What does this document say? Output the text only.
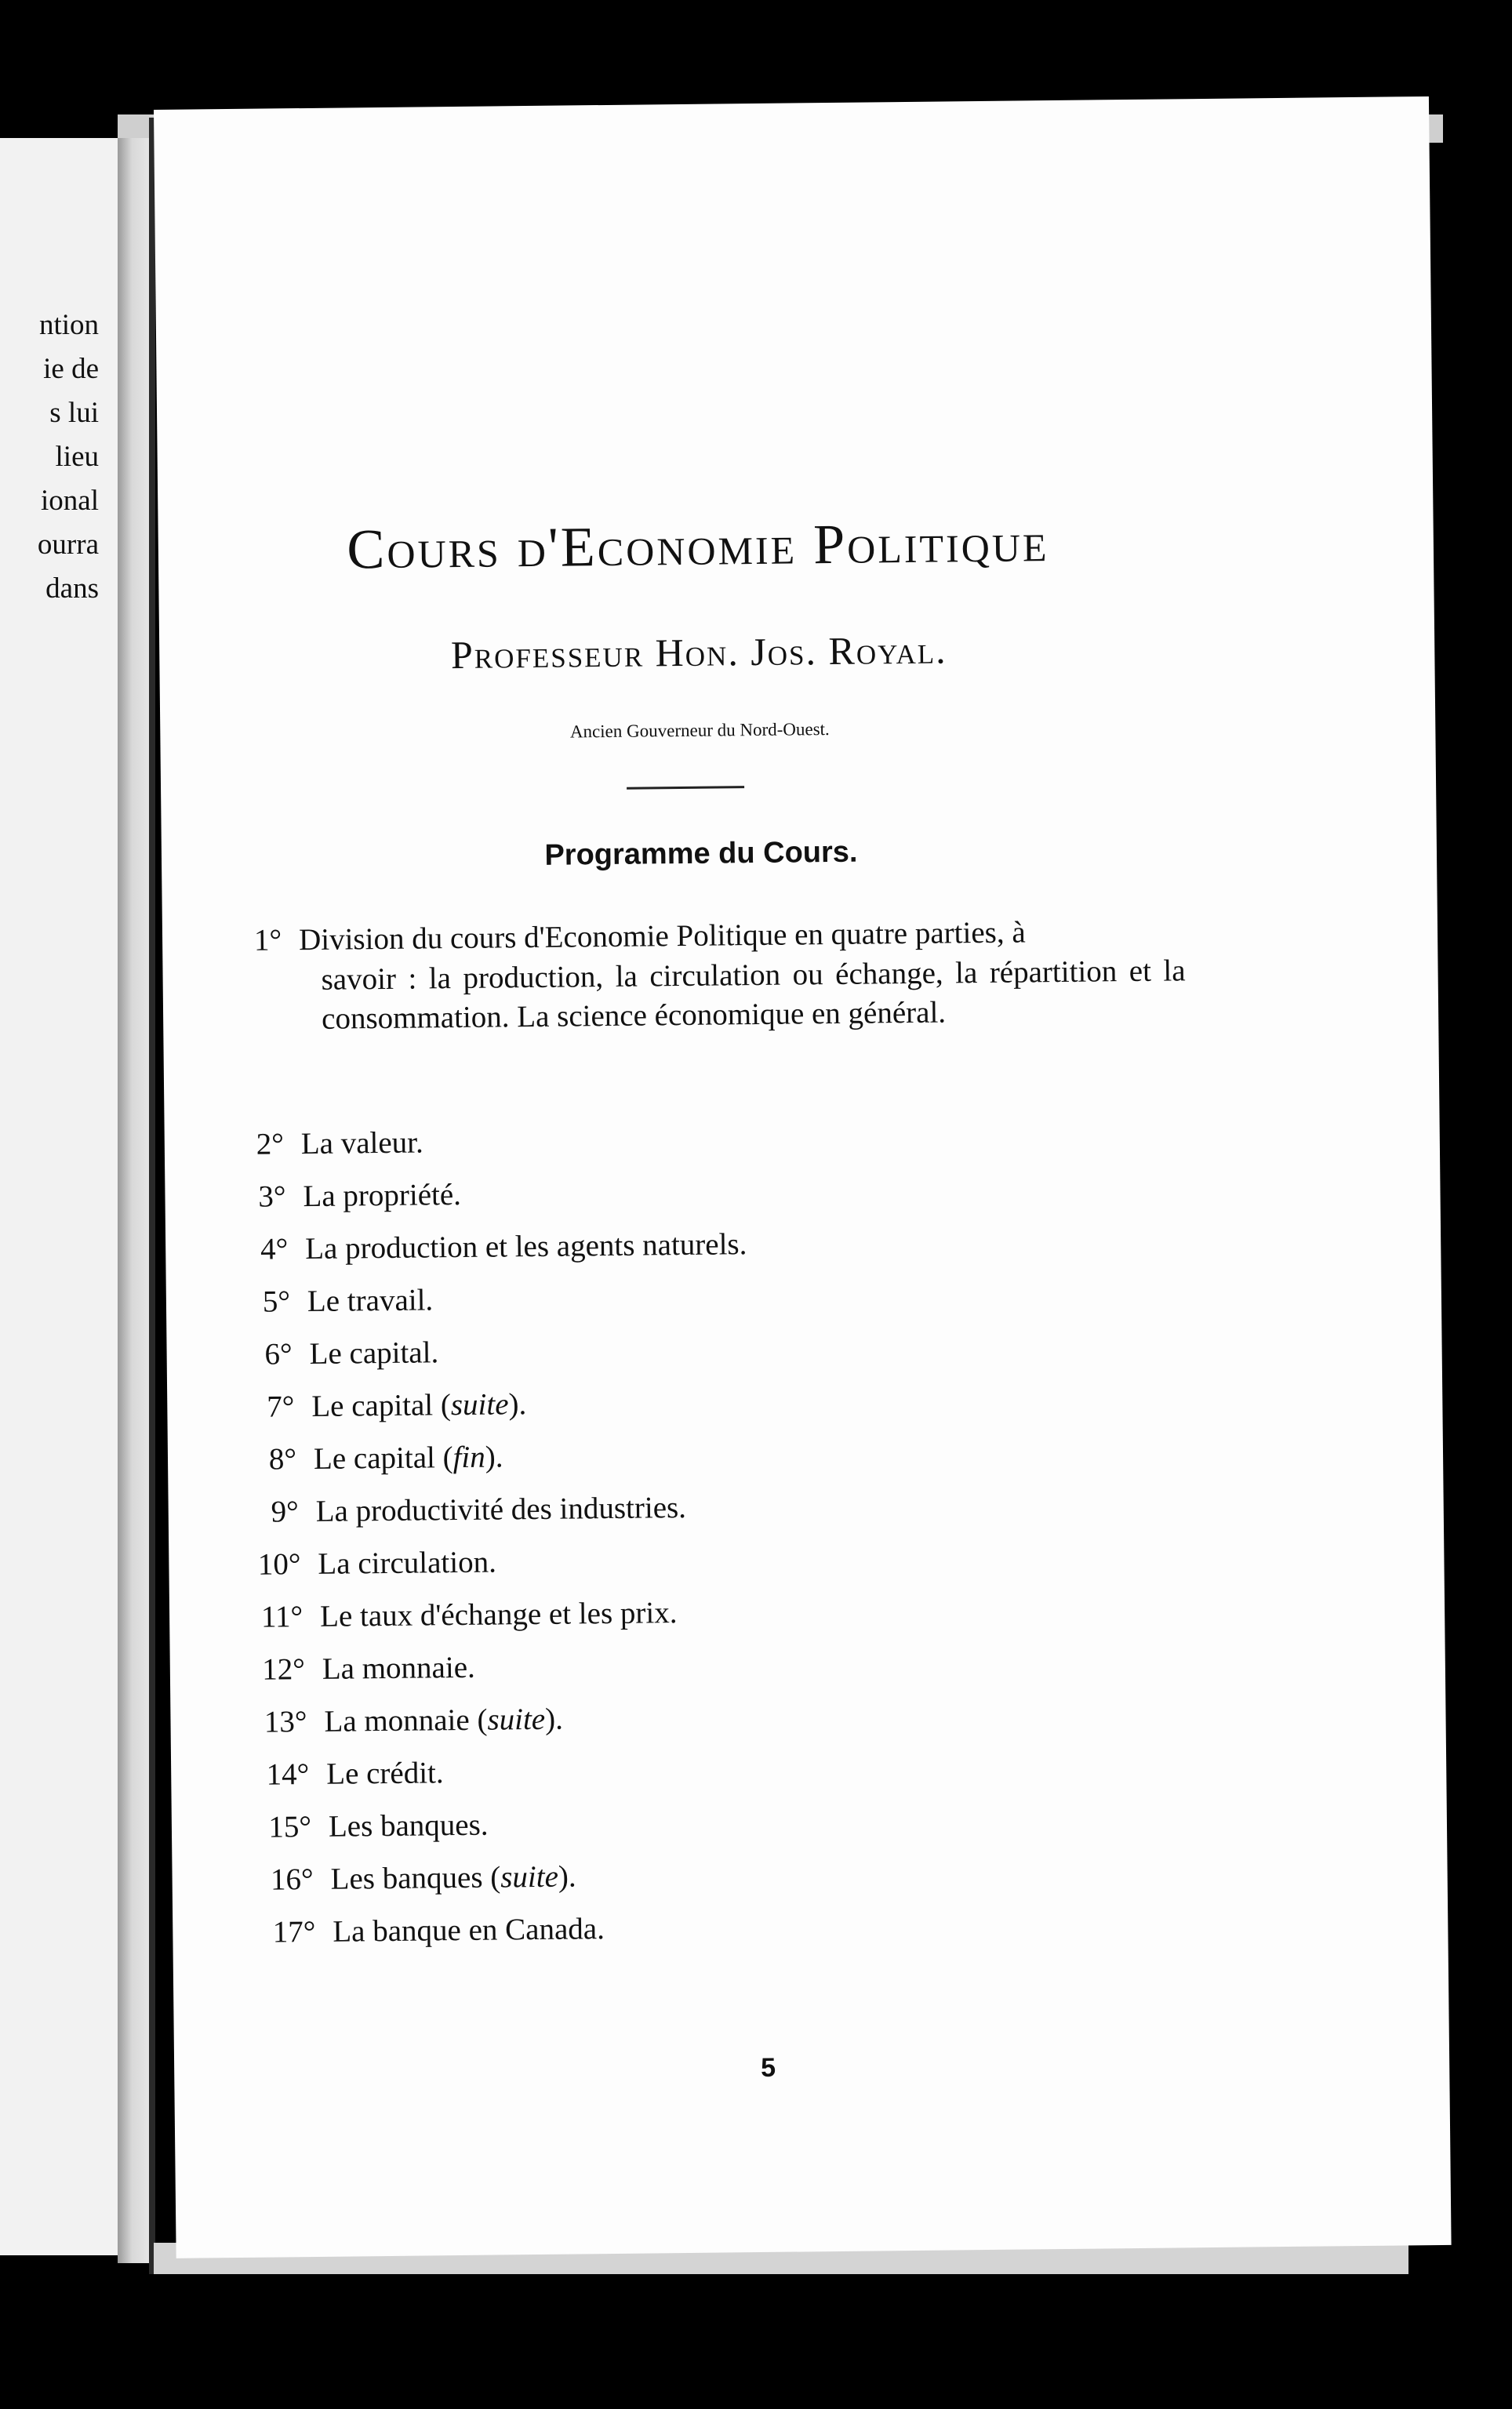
ntion
ie de
s lui
lieu
ional
ourra
dans
Cours d'Economie Politique
Professeur Hon. Jos. Royal.
Ancien Gouverneur du Nord-Ouest.
Programme du Cours.
1° Division du cours d'Economie Politique en quatre parties, à
savoir : la production, la circulation ou échange, la répartition et la consommation. La science économique en général.
2° La valeur.
3° La propriété.
4° La production et les agents naturels.
5° Le travail.
6° Le capital.
7° Le capital (suite).
8° Le capital (fin).
9° La productivité des industries.
10° La circulation.
11° Le taux d'échange et les prix.
12° La monnaie.
13° La monnaie (suite).
14° Le crédit.
15° Les banques.
16° Les banques (suite).
17° La banque en Canada.
5
